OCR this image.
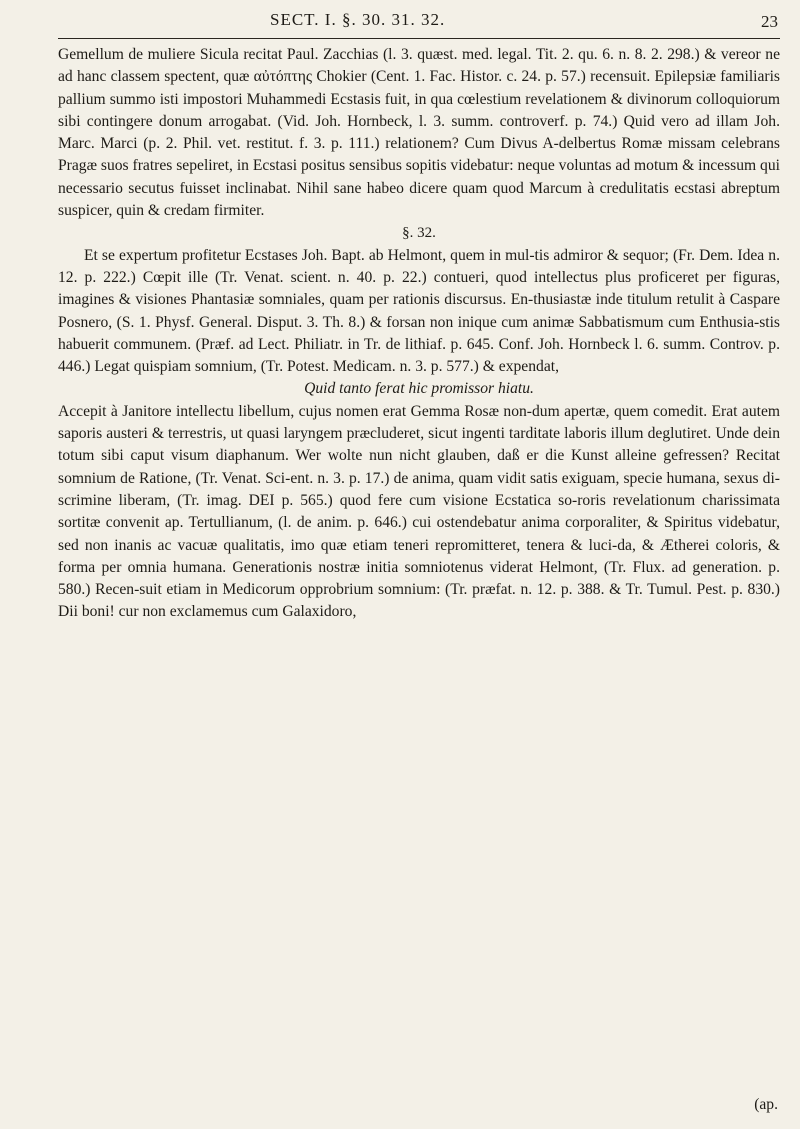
SECT. I. §. 30. 31. 32.	23

Gemellum de muliere Sicula recitat Paul. Zacchias (l. 3. quæst. med. legal. Tit. 2. qu. 6. n. 8. 2. 298.) & vereor ne ad hanc classem spectent, quæ αὐτόπτης Chokier (Cent. 1. Fac. Histor. c. 24. p. 57.) recensuit. Epilepsiæ familiaris pallium summo isti impostori Muhammedi Ecstasis fuit, in qua cœlestium revelationem & divinorum colloquiorum sibi contingere donum arrogabat. (Vid. Joh. Hornbeck, l. 3. summ. controverf. p. 74.) Quid vero ad illam Joh. Marc. Marci (p. 2. Phil. vet. restitut. f. 3. p. 111.) relationem? Cum Divus A-delbertus Romæ missam celebrans Pragæ suos fratres sepeliret, in Ecstasi positus sensibus sopitis videbatur: neque voluntas ad motum & incessum qui necessario secutus fuisset inclinabat. Nihil sane habeo dicere quam quod Marcum à credulitatis ecstasi abreptum suspicer, quin & credam firmiter.

§. 32.

Et se expertum profitetur Ecstases Joh. Bapt. ab Helmont, quem in mul-tis admiror & sequor; (Fr. Dem. Idea n. 12. p. 222.) Cœpit ille (Tr. Venat. scient. n. 40. p. 22.) contueri, quod intellectus plus proficeret per figuras, imagines & visiones Phantasiæ somniales, quam per rationis discursus. En-thusiastæ inde titulum retulit à Caspare Posnero, (S. 1. Physf. General. Disput. 3. Th. 8.) & forsan non inique cum animæ Sabbatismum cum Enthusia-stis habuerit communem. (Præf. ad Lect. Philiatr. in Tr. de lithiaf. p. 645. Conf. Joh. Hornbeck l. 6. summ. Controv. p. 446.) Legat quispiam somnium, (Tr. Potest. Medicam. n. 3. p. 577.) & expendat,

Quid tanto ferat hic promissor hiatu.

Accepit à Janitore intellectu libellum, cujus nomen erat Gemma Rosæ non-dum apertæ, quem comedit. Erat autem saporis austeri & terrestris, ut quasi laryngem præcluderet, sicut ingenti tarditate laboris illum deglutiret. Unde dein totum sibi caput visum diaphanum. Wer wolte nun nicht glauben, daß er die Kunst alleine gefressen? Recitat somnium de Ratione, (Tr. Venat. Sci-ent. n. 3. p. 17.) de anima, quam vidit satis exiguam, specie humana, sexus di-scrimine liberam, (Tr. imag. DEI p. 565.) quod fere cum visione Ecstatica so-roris revelationum charissimata sortitæ convenit ap. Tertullianum, (l. de anim. p. 646.) cui ostendebatur anima corporaliter, & Spiritus videbatur, sed non inanis ac vacuæ qualitatis, imo quæ etiam teneri repromitteret, tenera & luci-da, & Ætherei coloris, & forma per omnia humana. Generationis nostræ initia somniotenus viderat Helmont, (Tr. Flux. ad generation. p. 580.) Recen-suit etiam in Medicorum opprobrium somnium: (Tr. præfat. n. 12. p. 388. & Tr. Tumul. Pest. p. 830.) Dii boni! cur non exclamemus cum Galaxidoro,

(ap.
